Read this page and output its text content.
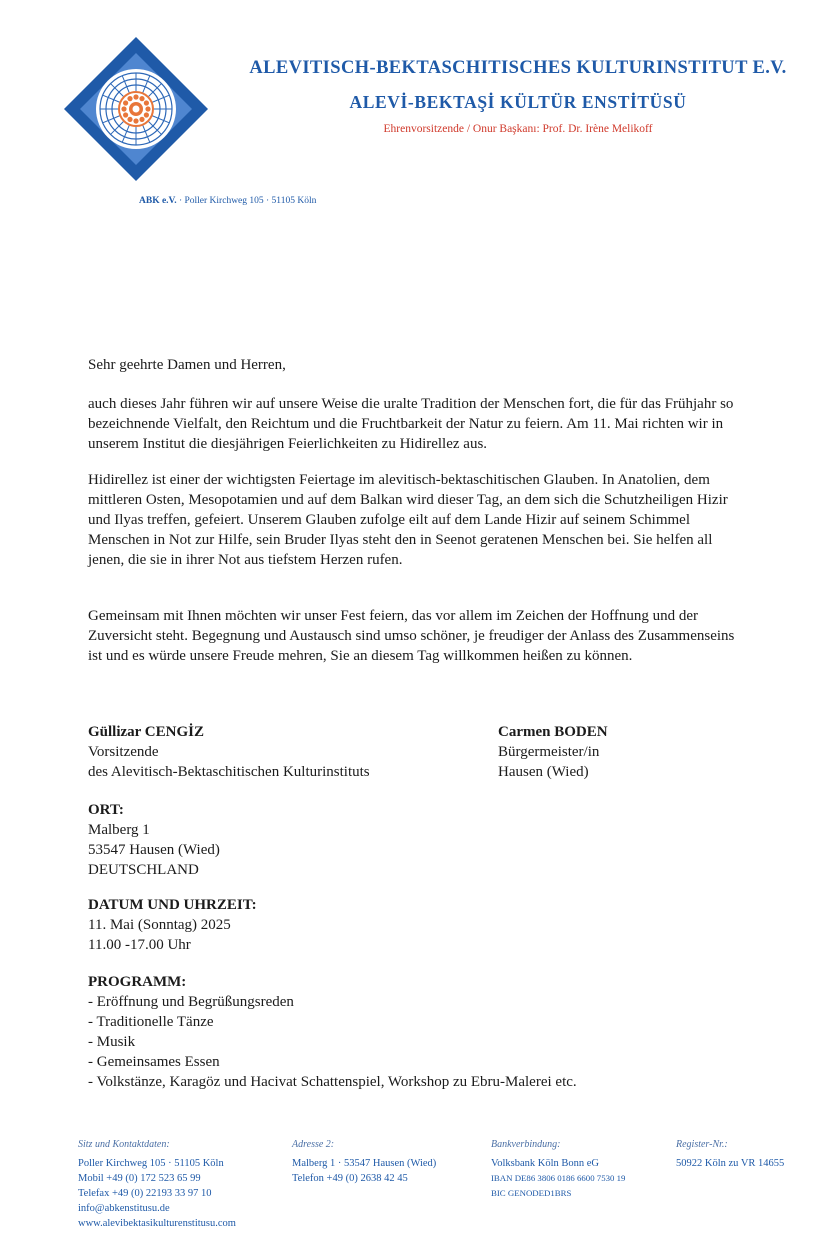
ALEVITISCH-BEKTASCHITISCHES KULTURINSTITUT E.V.
ALEVİ-BEKTAŞİ KÜLTÜR ENSTİTÜSÜ
Ehrenvorsitzende / Onur Başkanı: Prof. Dr. Irène Melikoff
ABK e.V. · Poller Kirchweg 105 · 51105 Köln
Sehr geehrte Damen und Herren,
auch dieses Jahr führen wir auf unsere Weise die uralte Tradition der Menschen fort, die für das Frühjahr so bezeichnende Vielfalt, den Reichtum und die Fruchtbarkeit der Natur zu feiern. Am 11. Mai richten wir in unserem Institut die diesjährigen Feierlichkeiten zu Hidirellez aus.
Hidirellez ist einer der wichtigsten Feiertage im alevitisch-bektaschitischen Glauben. In Anatolien, dem mittleren Osten, Mesopotamien und auf dem Balkan wird dieser Tag, an dem sich die Schutzheiligen Hizir und Ilyas treffen, gefeiert. Unserem Glauben zufolge eilt auf dem Lande Hizir auf seinem Schimmel Menschen in Not zur Hilfe, sein Bruder Ilyas steht den in Seenot geratenen Menschen bei. Sie helfen all jenen, die sie in ihrer Not aus tiefstem Herzen rufen.
Gemeinsam mit Ihnen möchten wir unser Fest feiern, das vor allem im Zeichen der Hoffnung und der Zuversicht steht. Begegnung und Austausch sind umso schöner, je freudiger der Anlass des Zusammenseins ist und es würde unsere Freude mehren, Sie an diesem Tag willkommen heißen zu können.
Güllizar CENGİZ
Vorsitzende
des Alevitisch-Bektaschitischen Kulturinstituts
Carmen BODEN
Bürgermeister/in
Hausen (Wied)
ORT:
Malberg 1
53547 Hausen (Wied)
DEUTSCHLAND
DATUM UND UHRZEIT:
11. Mai (Sonntag) 2025
11.00 -17.00 Uhr
PROGRAMM:
- Eröffnung und Begrüßungsreden
- Traditionelle Tänze
- Musik
- Gemeinsames Essen
- Volkstänze, Karagöz und Hacivat Schattenspiel, Workshop zu Ebru-Malerei etc.
Sitz und Kontaktdaten:
Poller Kirchweg 105 · 51105 Köln
Mobil +49 (0) 172 523 65 99
Telefax +49 (0) 22193 33 97 10
info@abkenstitusu.de
www.alevibektasikulturenstitusu.com
Adresse 2:
Malberg 1 · 53547 Hausen (Wied)
Telefon +49 (0) 2638 42 45
Bankverbindung:
Volksbank Köln Bonn eG
IBAN DE86 3806 0186 6600 7530 19
BIC GENODED1BRS
Register-Nr.:
50922 Köln zu VR 14655
